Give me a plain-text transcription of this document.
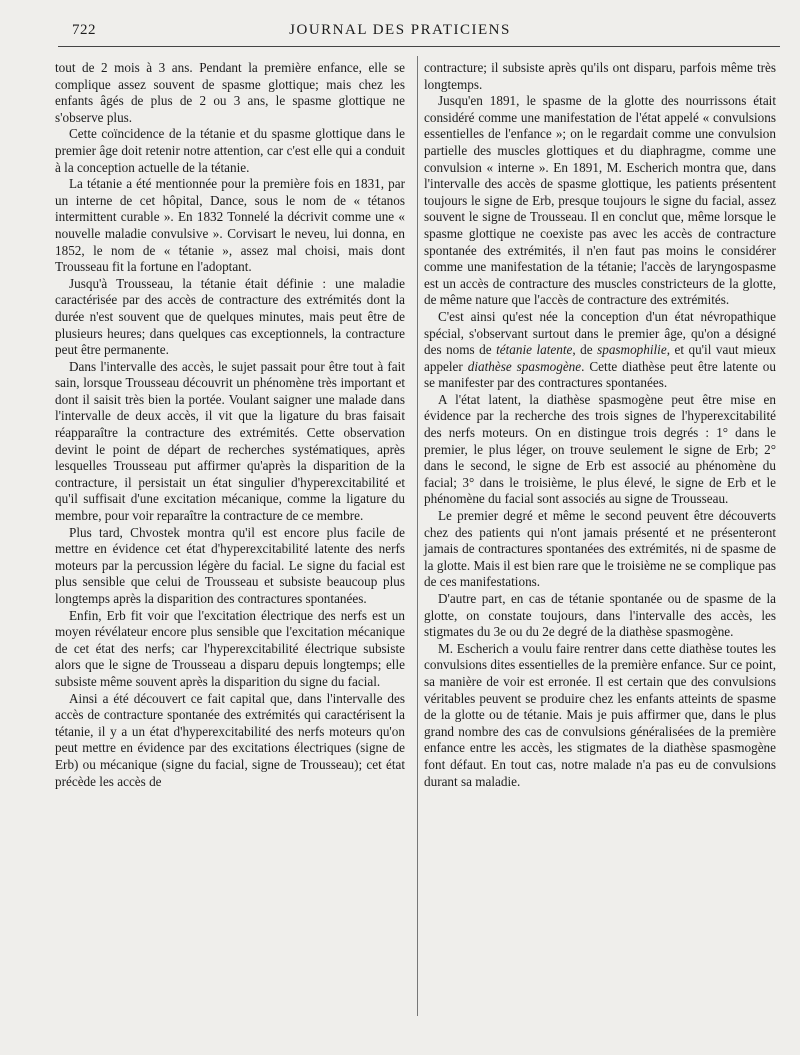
722	JOURNAL DES PRATICIENS

tout de 2 mois à 3 ans. Pendant la première enfance, elle se complique assez souvent de spasme glottique; mais chez les enfants âgés de plus de 2 ou 3 ans, le spasme glottique ne s'observe plus.

Cette coïncidence de la tétanie et du spasme glottique dans le premier âge doit retenir notre attention, car c'est elle qui a conduit à la conception actuelle de la tétanie.

La tétanie a été mentionnée pour la première fois en 1831, par un interne de cet hôpital, Dance, sous le nom de « tétanos intermittent curable ». En 1832 Tonnelé la décrivit comme une « nouvelle maladie convulsive ». Corvisart le neveu, lui donna, en 1852, le nom de « tétanie », assez mal choisi, mais dont Trousseau fit la fortune en l'adoptant.

Jusqu'à Trousseau, la tétanie était définie : une maladie caractérisée par des accès de contracture des extrémités dont la durée n'est souvent que de quelques minutes, mais peut être de plusieurs heures; dans quelques cas exceptionnels, la contracture peut être permanente.

Dans l'intervalle des accès, le sujet passait pour être tout à fait sain, lorsque Trousseau découvrit un phénomène très important et dont il saisit très bien la portée. Voulant saigner une malade dans l'intervalle de deux accès, il vit que la ligature du bras faisait réapparaître la contracture des extrémités. Cette observation devint le point de départ de recherches systématiques, après lesquelles Trousseau put affirmer qu'après la disparition de la contracture, il persistait un état singulier d'hyperexcitabilité et qu'il suffisait d'une excitation mécanique, comme la ligature du membre, pour voir reparaître la contracture de ce membre.

Plus tard, Chvostek montra qu'il est encore plus facile de mettre en évidence cet état d'hyperexcitabilité latente des nerfs moteurs par la percussion légère du facial. Le signe du facial est plus sensible que celui de Trousseau et subsiste beaucoup plus longtemps après la disparition des contractures spontanées.

Enfin, Erb fit voir que l'excitation électrique des nerfs est un moyen révélateur encore plus sensible que l'excitation mécanique de cet état des nerfs; car l'hyperexcitabilité électrique subsiste alors que le signe de Trousseau a disparu depuis longtemps; elle subsiste même souvent après la disparition du signe du facial.

Ainsi a été découvert ce fait capital que, dans l'intervalle des accès de contracture spontanée des extrémités qui caractérisent la tétanie, il y a un état d'hyperexcitabilité des nerfs moteurs qu'on peut mettre en évidence par des excitations électriques (signe de Erb) ou mécanique (signe du facial, signe de Trousseau); cet état précède les accès de

contracture; il subsiste après qu'ils ont disparu, parfois même très longtemps.

Jusqu'en 1891, le spasme de la glotte des nourrissons était considéré comme une manifestation de l'état appelé « convulsions essentielles de l'enfance »; on le regardait comme une convulsion partielle des muscles glottiques et du diaphragme, comme une convulsion « interne ». En 1891, M. Escherich montra que, dans l'intervalle des accès de spasme glottique, les patients présentent toujours le signe de Erb, presque toujours le signe du facial, assez souvent le signe de Trousseau. Il en conclut que, même lorsque le spasme glottique ne coexiste pas avec les accès de contracture spontanée des extrémités, il n'en faut pas moins le considérer comme une manifestation de la tétanie; l'accès de laryngospasme est un accès de contracture des muscles constricteurs de la glotte, de même nature que l'accès de contracture des extrémités.

C'est ainsi qu'est née la conception d'un état névropathique spécial, s'observant surtout dans le premier âge, qu'on a désigné des noms de tétanie latente, de spasmophilie, et qu'il vaut mieux appeler diathèse spasmogène. Cette diathèse peut être latente ou se manifester par des contractures spontanées.

A l'état latent, la diathèse spasmogène peut être mise en évidence par la recherche des trois signes de l'hyperexcitabilité des nerfs moteurs. On en distingue trois degrés : 1° dans le premier, le plus léger, on trouve seulement le signe de Erb; 2° dans le second, le signe de Erb est associé au phénomène du facial; 3° dans le troisième, le plus élevé, le signe de Erb et le phénomène du facial sont associés au signe de Trousseau.

Le premier degré et même le second peuvent être découverts chez des patients qui n'ont jamais présenté et ne présenteront jamais de contractures spontanées des extrémités, ni de spasme de la glotte. Mais il est bien rare que le troisième ne se complique pas de ces manifestations.

D'autre part, en cas de tétanie spontanée ou de spasme de la glotte, on constate toujours, dans l'intervalle des accès, les stigmates du 3e ou du 2e degré de la diathèse spasmogène.

M. Escherich a voulu faire rentrer dans cette diathèse toutes les convulsions dites essentielles de la première enfance. Sur ce point, sa manière de voir est erronée. Il est certain que des convulsions véritables peuvent se produire chez les enfants atteints de spasme de la glotte ou de tétanie. Mais je puis affirmer que, dans le plus grand nombre des cas de convulsions généralisées de la première enfance entre les accès, les stigmates de la diathèse spasmogène font défaut. En tout cas, notre malade n'a pas eu de convulsions durant sa maladie.
